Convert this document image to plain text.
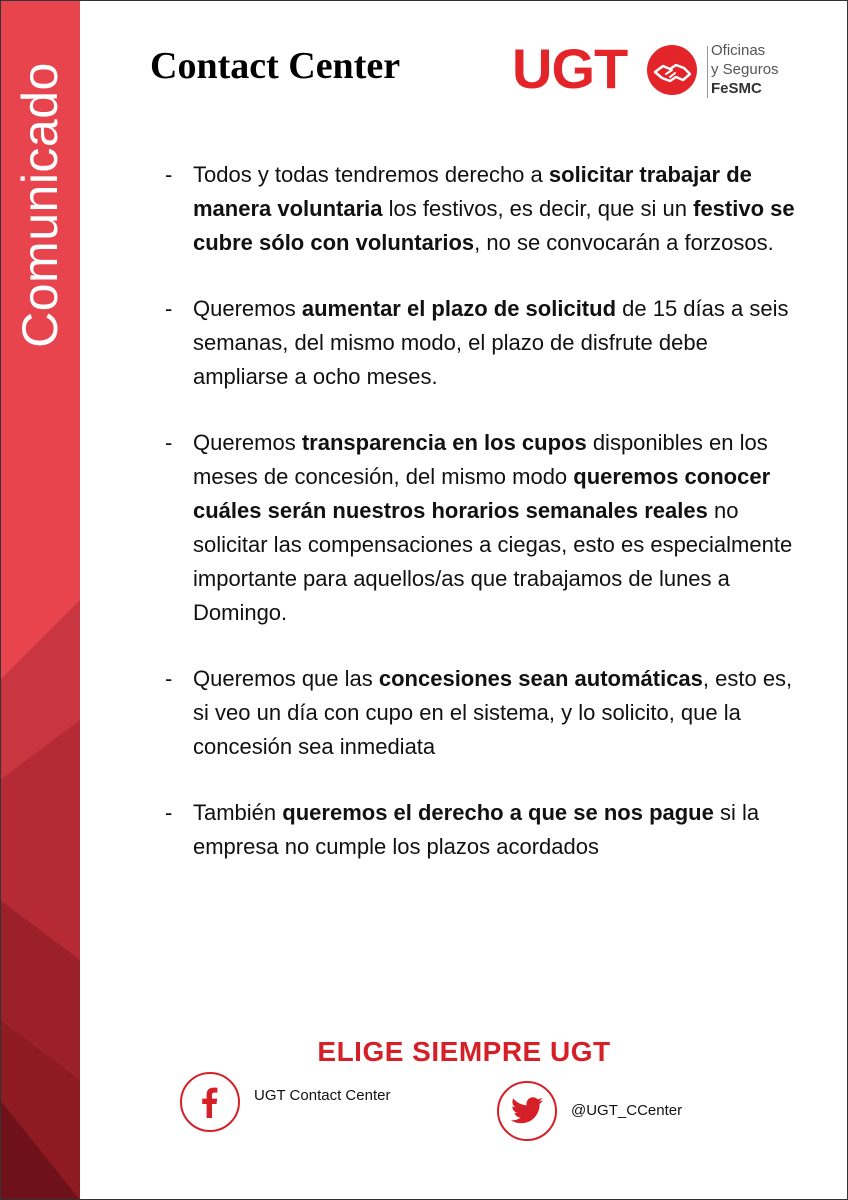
Comunicado Contact Center UGT	Oficinas
y Seguros
FeSMC
- Todos y todas tendremos derecho a solicitar trabajar de manera voluntaria los festivos, es decir, que si un festivo se cubre sólo con voluntarios, no se convocarán a forzosos.
- Queremos aumentar el plazo de solicitud de 15 días a seis semanas, del mismo modo, el plazo de disfrute debe ampliarse a ocho meses.
- Queremos transparencia en los cupos disponibles en los meses de concesión, del mismo modo queremos conocer cuáles serán nuestros horarios semanales reales no solicitar las compensaciones a ciegas, esto es especialmente importante para aquellos/as que trabajamos de lunes a Domingo.
- Queremos que las concesiones sean automáticas, esto es, si veo un día con cupo en el sistema, y lo solicito, que la concesión sea inmediata
- También queremos el derecho a que se nos pague si la empresa no cumple los plazos acordados
ELIGE SIEMPRE UGT
UGT Contact Center
@UGT_CCenter
